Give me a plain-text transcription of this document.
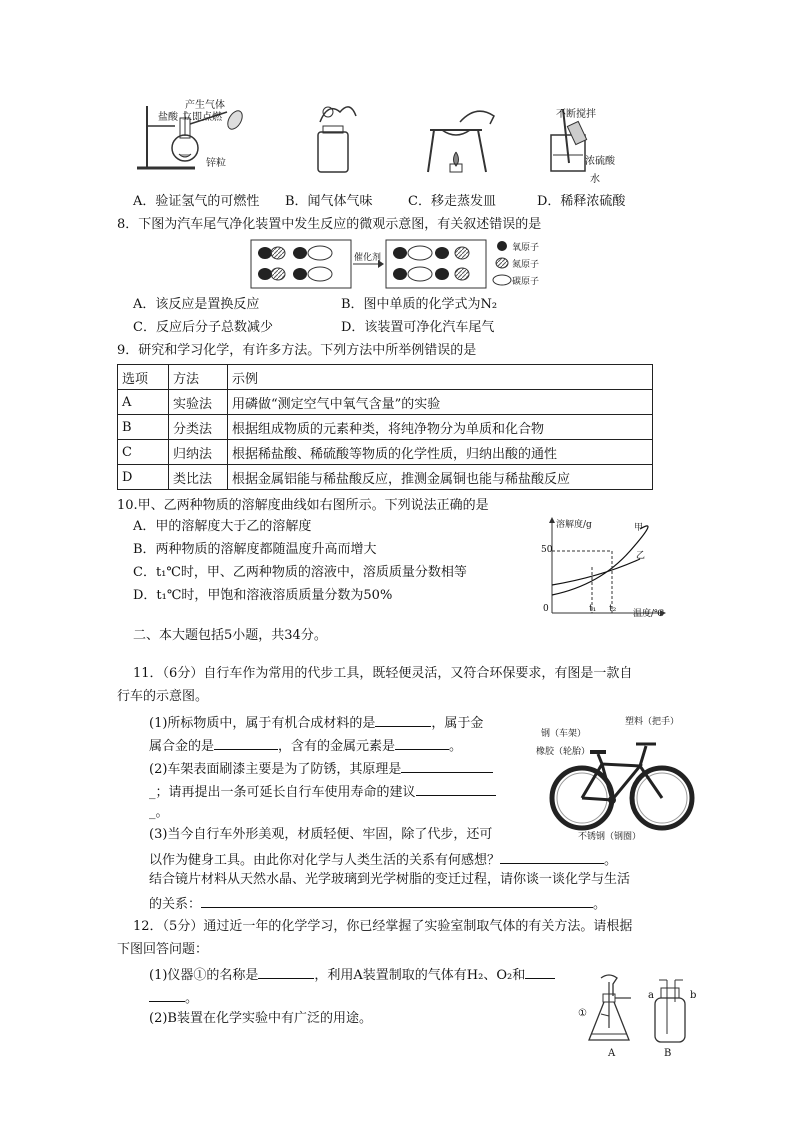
产生气体
盐酸 立即点燃
锌粒
不断搅拌
浓硫酸
水
A．验证氢气的可燃性 B．闻气体气味	C．移走蒸发皿	D．稀释浓硫酸
8．下图为汽车尾气净化装置中发生反应的微观示意图，有关叙述错误的是
催化剂
氧原子
氮原子
碳原子
A．该反应是置换反应	B．图中单质的化学式为N₂
C．反应后分子总数减少	D．该装置可净化汽车尾气
9．研究和学习化学，有许多方法。下列方法中所举例错误的是
选项	方法	示例
A	实验法	用磷做“测定空气中氧气含量”的实验
B	分类法	根据组成物质的元素种类，将纯净物分为单质和化合物
C	归纳法	根据稀盐酸、稀硫酸等物质的化学性质，归纳出酸的通性
D	类比法	根据金属铝能与稀盐酸反应，推测金属铜也能与稀盐酸反应
10.甲、乙两种物质的溶解度曲线如右图所示。下列说法正确的是
A．甲的溶解度大于乙的溶解度
B．两种物质的溶解度都随温度升高而增大
C．t₁℃时，甲、乙两种物质的溶液中，溶质质量分数相等
D．t₁℃时，甲饱和溶液溶质质量分数为50%
溶解度/g	甲
乙
50
0	t₁ t₂ 温度/℃
二、本大题包括5小题，共34分。
11．（6分）自行车作为常用的代步工具，既轻便灵活，又符合环保要求，有图是一款自
行车的示意图。
(1)所标物质中，属于有机合成材料的是	，属于金
属合金的是	，含有的金属元素是	。
(2)车架表面刷漆主要是为了防锈，其原理是
_；请再提出一条可延长自行车使用寿命的建议
_。
(3)当今自行车外形美观，材质轻便、牢固，除了代步，还可
以作为健身工具。由此你对化学与人类生活的关系有何感想？	。
结合镜片材料从天然水晶、光学玻璃到光学树脂的变迁过程，请你谈一谈化学与生活
的关系：	。
钢（车架）
塑料（把手）
橡胶（轮胎）
不锈钢（钢圈）
12．（5分）通过近一年的化学学习，你已经掌握了实验室制取气体的有关方法。请根据
下图回答问题：
(1)仪器①的名称是	，利用A装置制取的气体有H₂、O₂和
。
(2)B装置在化学实验中有广泛的用途。	①
a	b
A	B
